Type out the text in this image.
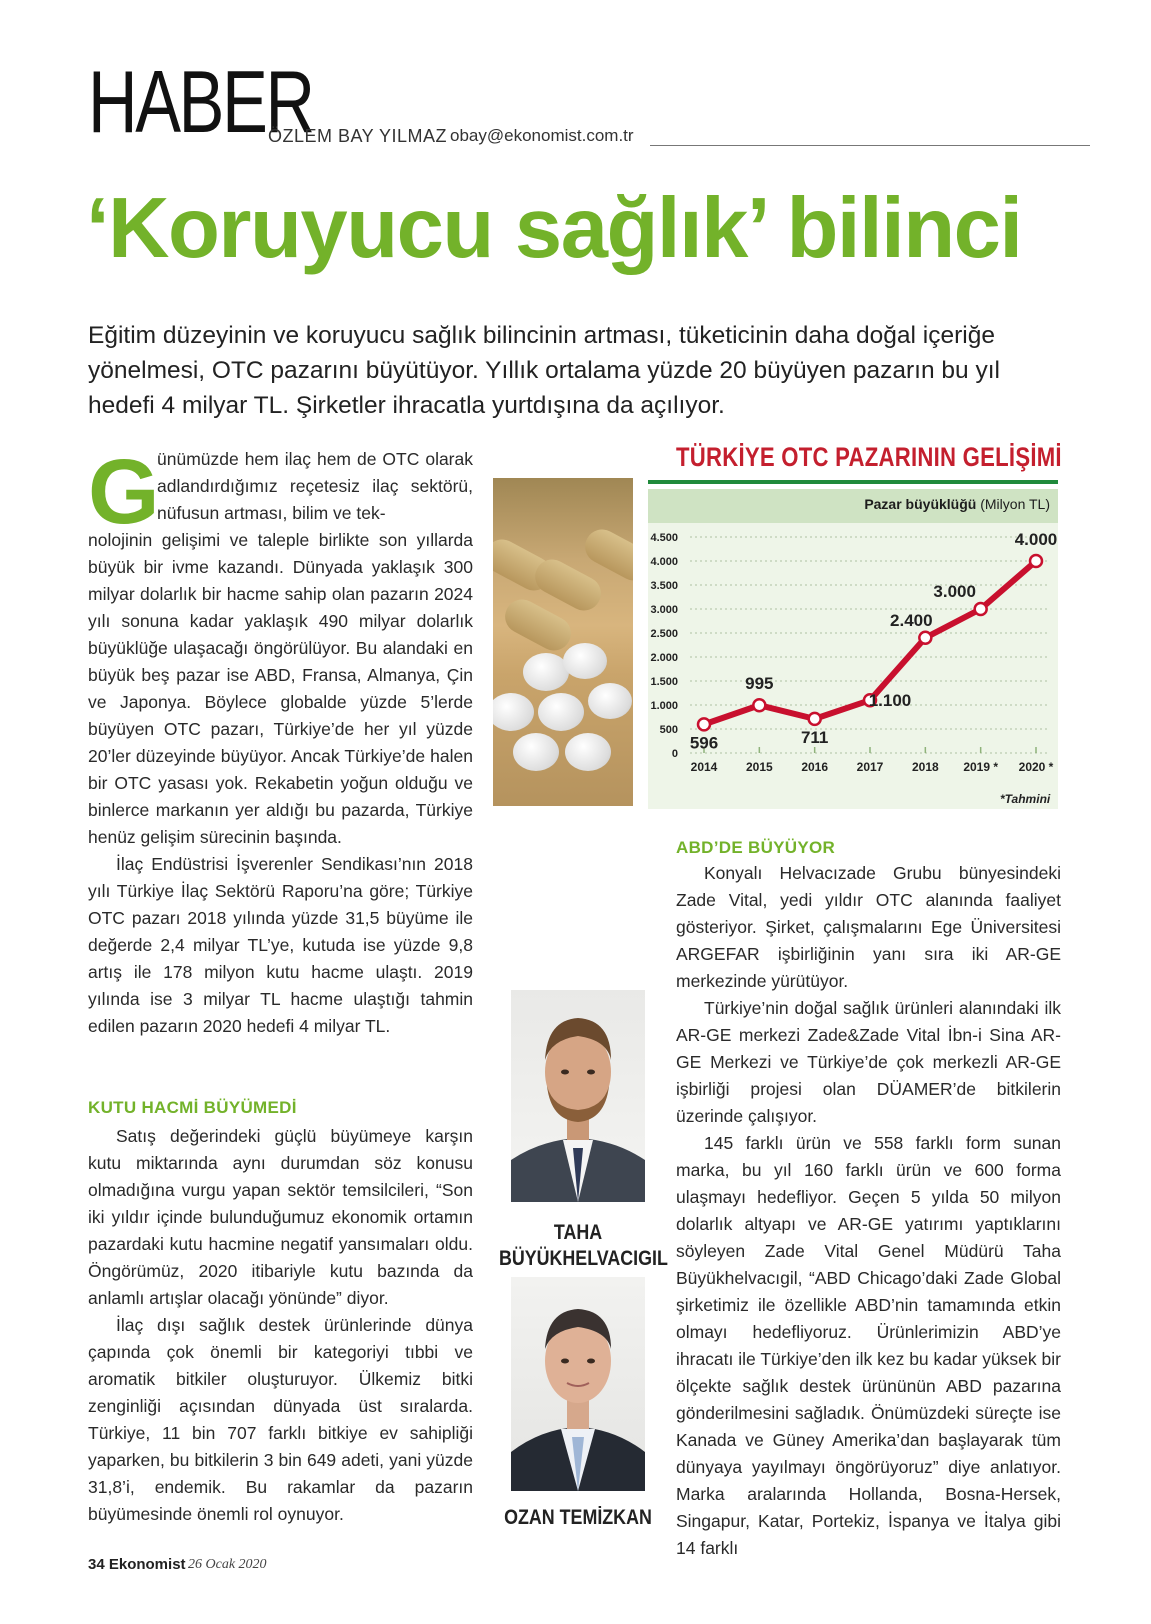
HABER
ÖZLEM BAY YILMAZ obay@ekonomist.com.tr
‘Koruyucu sağlık’ bilinci
Eğitim düzeyinin ve koruyucu sağlık bilincinin artması, tüketicinin daha doğal içeriğe yönelmesi, OTC pazarını büyütüyor. Yıllık ortalama yüzde 20 büyüyen pazarın bu yıl hedefi 4 milyar TL. Şirketler ihracatla yurtdışına da açılıyor.
G

ünümüzde hem ilaç hem de OTC olarak adlandırdığımız reçetesiz ilaç sektörü, nüfusun artması, bilim ve tek-

nolojinin gelişimi ve taleple birlikte son yıllarda büyük bir ivme kazandı. Dünyada yaklaşık 300 milyar dolarlık bir hacme sahip olan pazarın 2024 yılı sonuna kadar yaklaşık 490 milyar dolarlık büyüklüğe ulaşacağı öngörülüyor. Bu alandaki en büyük beş pazar ise ABD, Fransa, Almanya, Çin ve Japonya. Böylece globalde yüzde 5’lerde büyüyen OTC pazarı, Türkiye’de her yıl yüzde 20’ler düzeyinde büyüyor. Ancak Türkiye’de halen bir OTC yasası yok. Rekabetin yoğun olduğu ve binlerce markanın yer aldığı bu pazarda, Türkiye henüz gelişim sürecinin başında.

İlaç Endüstrisi İşverenler Sendikası’nın 2018 yılı Türkiye İlaç Sektörü Raporu’na göre; Türkiye OTC pazarı 2018 yılında yüzde 31,5 büyüme ile değerde 2,4 milyar TL’ye, kutuda ise yüzde 9,8 artış ile 178 milyon kutu hacme ulaştı. 2019 yılında ise 3 milyar TL hacme ulaştığı tahmin edilen pazarın 2020 hedefi 4 milyar TL.

KUTU HACMİ BÜYÜMEDİ

Satış değerindeki güçlü büyümeye karşın kutu miktarında aynı durumdan söz konusu olmadığına vurgu yapan sektör temsilcileri, “Son iki yıldır içinde bulunduğumuz ekonomik ortamın pazardaki kutu hacmine negatif yansımaları oldu. Öngörümüz, 2020 itibariyle kutu bazında da anlamlı artışlar olacağı yönünde” diyor.

İlaç dışı sağlık destek ürünlerinde dünya çapında çok önemli bir kategoriyi tıbbi ve aromatik bitkiler oluşturuyor. Ülkemiz bitki zenginliği açısından dünyada üst sıralarda. Türkiye, 11 bin 707 farklı bitkiye ev sahipliği yaparken, bu bitkilerin 3 bin 649 adeti, yani yüzde 31,8’i, endemik. Bu rakamlar da pazarın büyümesinde önemli rol oynuyor.

TÜRKİYE OTC PAZARININ GELİŞİMİ
Pazar büyüklüğü (Milyon TL)
0
500
1.000
1.500
2.000
2.500
3.000
3.500
4.000
4.500
2014 2015 2016 2017 2018 2019 * 2020 *
596
995
711
1.100
2.400
3.000
4.000
*Tahmini
ABD’DE BÜYÜYOR

Konyalı Helvacızade Grubu bünyesindeki Zade Vital, yedi yıldır OTC alanında faaliyet gösteriyor. Şirket, çalışmalarını Ege Üniversitesi ARGEFAR işbirliğinin yanı sıra iki AR-GE merkezinde yürütüyor.

Türkiye’nin doğal sağlık ürünleri alanındaki ilk AR-GE merkezi Zade&Zade Vital İbn-i Sina AR-GE Merkezi ve Türkiye’de çok merkezli AR-GE işbirliği projesi olan DÜAMER’de bitkilerin üzerinde çalışıyor.

145 farklı ürün ve 558 farklı form sunan marka, bu yıl 160 farklı ürün ve 600 forma ulaşmayı hedefliyor. Geçen 5 yılda 50 milyon dolarlık altyapı ve AR-GE yatırımı yaptıklarını söyleyen Zade Vital Genel Müdürü Taha Büyükhelvacıgil, “ABD Chicago’daki Zade Global şirketimiz ile özellikle ABD’nin tamamında etkin olmayı hedefliyoruz. Ürünlerimizin ABD’ye ihracatı ile Türkiye’den ilk kez bu kadar yüksek bir ölçekte sağlık destek ürününün ABD pazarına gönderilmesini sağladık. Önümüzdeki süreçte ise Kanada ve Güney Amerika’dan başlayarak tüm dünyaya yayılmayı öngörüyoruz” diye anlatıyor. Marka aralarında Hollanda, Bosna-Hersek, Singapur, Katar, Portekiz, İspanya ve İtalya gibi 14 farklı

TAHA
BÜYÜKHELVACIGIL
OZAN TEMİZKAN
34 Ekonomist 26 Ocak 2020
